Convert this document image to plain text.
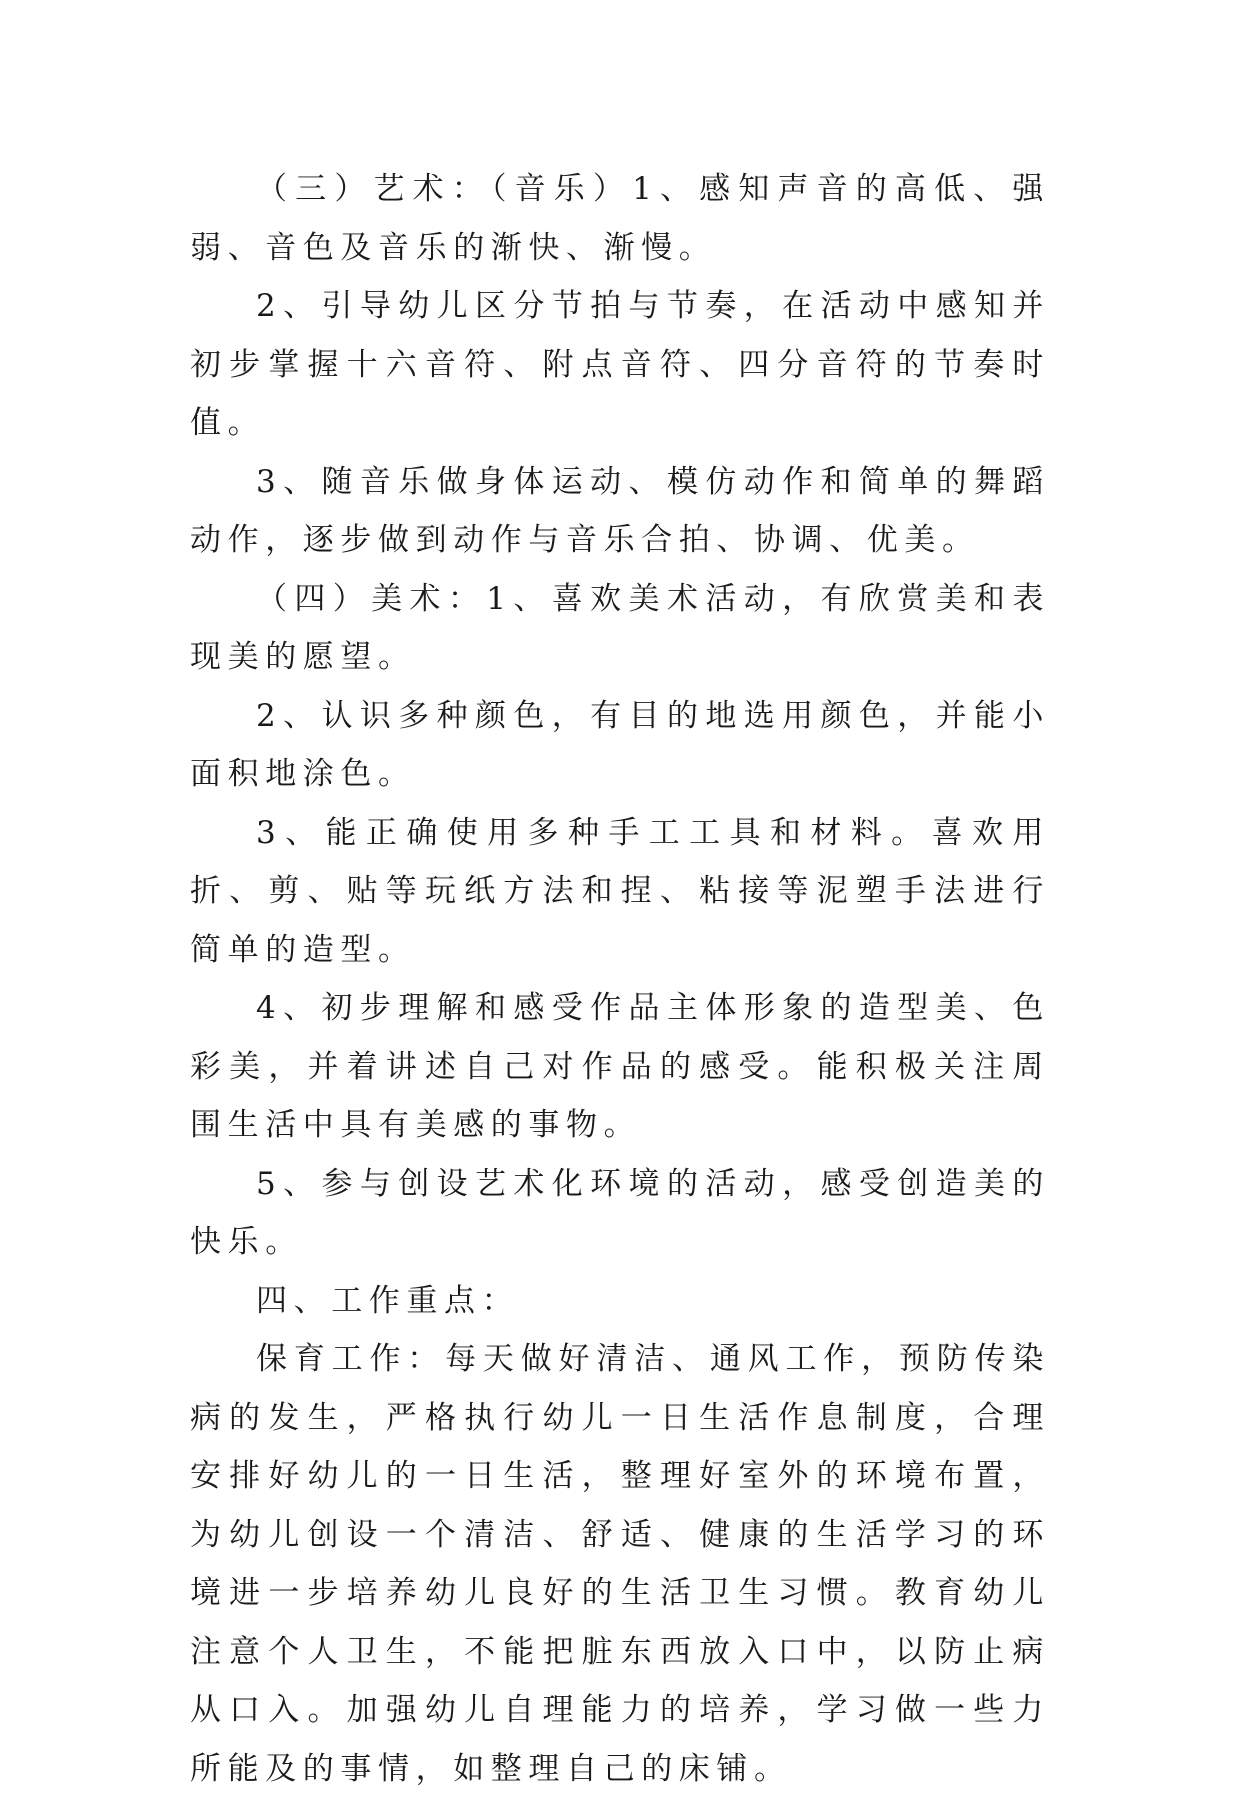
（三）艺术：（音乐）1、感知声音的高低、强弱、音色及音乐的渐快、渐慢。

2、引导幼儿区分节拍与节奏，在活动中感知并初步掌握十六音符、附点音符、四分音符的节奏时值。

3、随音乐做身体运动、模仿动作和简单的舞蹈动作，逐步做到动作与音乐合拍、协调、优美。

（四）美术：1、喜欢美术活动，有欣赏美和表现美的愿望。

2、认识多种颜色，有目的地选用颜色，并能小面积地涂色。

3、能正确使用多种手工工具和材料。喜欢用折、剪、贴等玩纸方法和捏、粘接等泥塑手法进行简单的造型。

4、初步理解和感受作品主体形象的造型美、色彩美，并着讲述自己对作品的感受。能积极关注周围生活中具有美感的事物。

5、参与创设艺术化环境的活动，感受创造美的快乐。

四、工作重点：

保育工作：每天做好清洁、通风工作，预防传染病的发生，严格执行幼儿一日生活作息制度，合理安排好幼儿的一日生活，整理好室外的环境布置，为幼儿创设一个清洁、舒适、健康的生活学习的环境进一步培养幼儿良好的生活卫生习惯。教育幼儿注意个人卫生，不能把脏东西放入口中，以防止病从口入。加强幼儿自理能力的培养，学习做一些力所能及的事情，如整理自己的床铺。
